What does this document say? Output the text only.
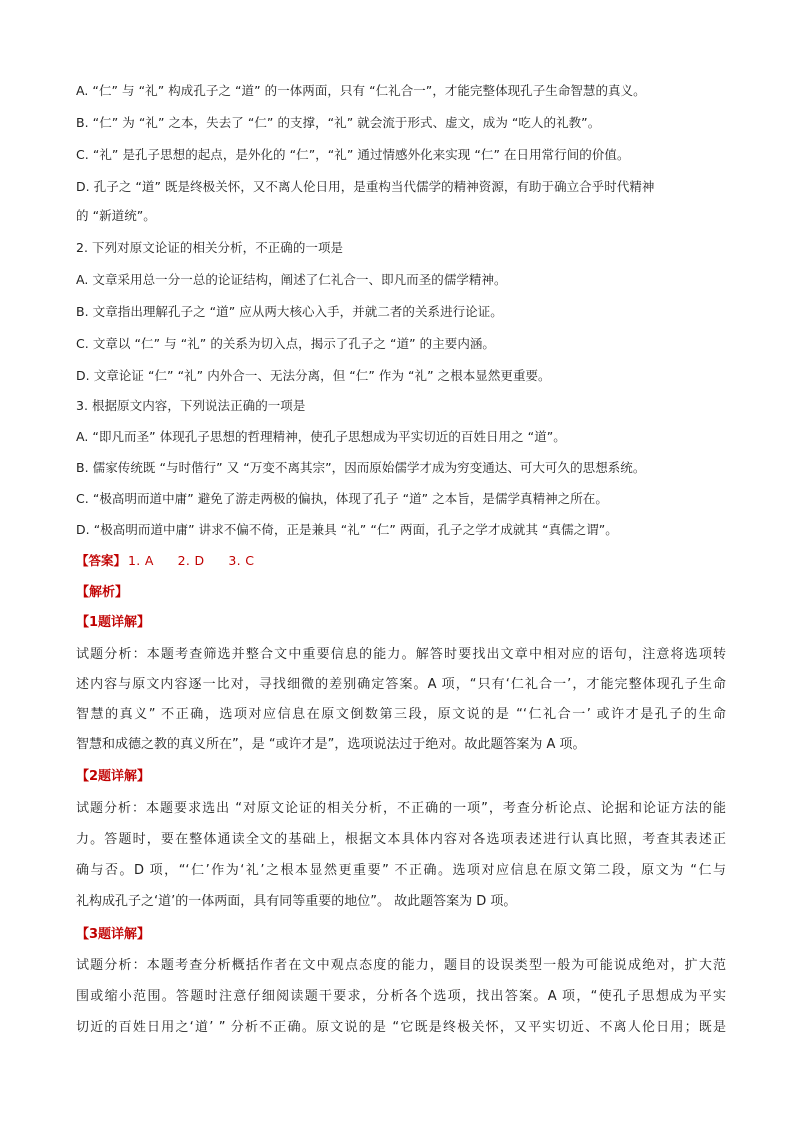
A. “仁” 与 “礼” 构成孔子之 “道” 的一体两面，只有 “仁礼合一”，才能完整体现孔子生命智慧的真义。
B. “仁” 为 “礼” 之本，失去了 “仁” 的支撑，“礼” 就会流于形式、虚文，成为 “吃人的礼教”。
C. “礼” 是孔子思想的起点，是外化的 “仁”，“礼” 通过情感外化来实现 “仁” 在日用常行间的价值。
D. 孔子之 “道” 既是终极关怀，又不离人伦日用，是重构当代儒学的精神资源，有助于确立合乎时代精神
的 “新道统”。
2. 下列对原文论证的相关分析，不正确的一项是
A. 文章采用总一分一总的论证结构，阐述了仁礼合一、即凡而圣的儒学精神。
B. 文章指出理解孔子之 “道” 应从两大核心入手，并就二者的关系进行论证。
C. 文章以 “仁” 与 “礼” 的关系为切入点，揭示了孔子之 “道” 的主要内涵。
D. 文章论证 “仁” “礼” 内外合一、无法分离，但 “仁” 作为 “礼” 之根本显然更重要。
3. 根据原文内容，下列说法正确的一项是
A. “即凡而圣” 体现孔子思想的哲理精神，使孔子思想成为平实切近的百姓日用之 “道”。
B. 儒家传统既 “与时偕行” 又 “万变不离其宗”，因而原始儒学才成为穷变通达、可大可久的思想系统。
C. “极高明而道中庸” 避免了游走两极的偏执，体现了孔子 “道” 之本旨，是儒学真精神之所在。
D. “极高明而道中庸” 讲求不偏不倚，正是兼具 “礼” “仁” 两面，孔子之学才成就其 “真儒之谓”。
【答案】 1. A 2. D 3. C
【解析】
【1题详解】
试题分析：本题考查筛选并整合文中重要信息的能力。解答时要找出文章中相对应的语句，注意将选项转
述内容与原文内容逐一比对，寻找细微的差别确定答案。A 项，“只有‘仁礼合一’，才能完整体现孔子生命
智慧的真义” 不正确，选项对应信息在原文倒数第三段，原文说的是 “‘仁礼合一’ 或许才是孔子的生命
智慧和成德之教的真义所在”，是 “或许才是”，选项说法过于绝对。故此题答案为 A 项。
【2题详解】
试题分析：本题要求选出 “对原文论证的相关分析，不正确的一项”，考查分析论点、论据和论证方法的能
力。答题时，要在整体通读全文的基础上，根据文本具体内容对各选项表述进行认真比照，考查其表述正
确与否。D 项，“‘仁’作为‘礼’之根本显然更重要” 不正确。选项对应信息在原文第二段，原文为 “仁与
礼构成孔子之‘道’的一体两面，具有同等重要的地位”。 故此题答案为 D 项。
【3题详解】
试题分析：本题考查分析概括作者在文中观点态度的能力，题目的设误类型一般为可能说成绝对，扩大范
围或缩小范围。答题时注意仔细阅读题干要求，分析各个选项，找出答案。A 项，“使孔子思想成为平实
切近的百姓日用之‘道’ ” 分析不正确。原文说的是 “它既是终极关怀，又平实切近、不离人伦日用；既是
